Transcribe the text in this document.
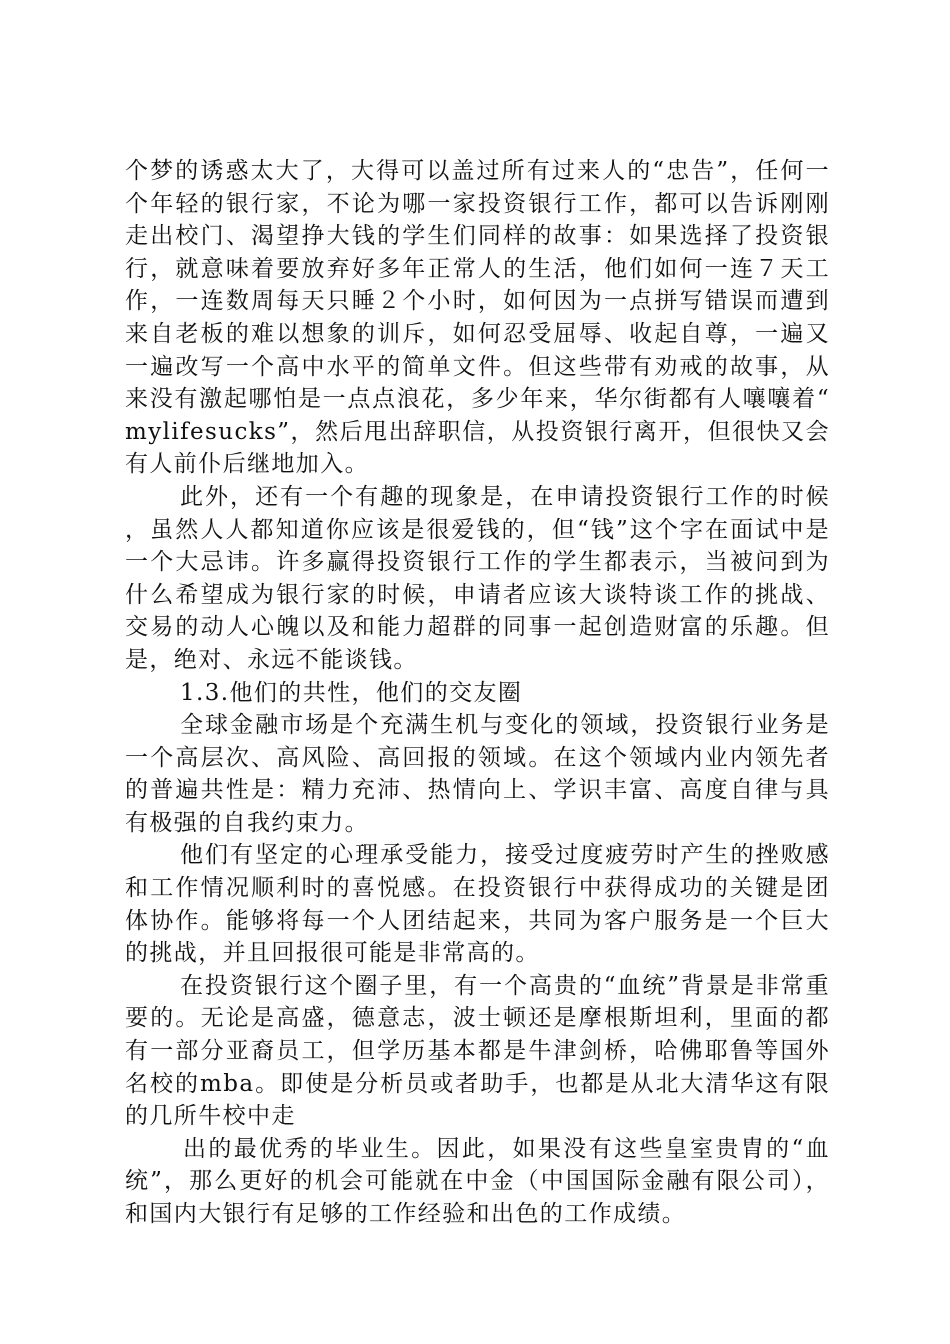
个梦的诱惑太大了，大得可以盖过所有过来人的“忠告”，任何一个年轻的银行家，不论为哪一家投资银行工作，都可以告诉刚刚走出校门、渴望挣大钱的学生们同样的故事：如果选择了投资银行，就意味着要放弃好多年正常人的生活，他们如何一连７天工作，一连数周每天只睡２个小时，如何因为一点拼写错误而遭到来自老板的难以想象的训斥，如何忍受屈辱、收起自尊，一遍又一遍改写一个高中水平的简单文件。但这些带有劝戒的故事，从来没有激起哪怕是一点点浪花，多少年来，华尔街都有人嚷嚷着“mylifesucks”，然后甩出辞职信，从投资银行离开，但很快又会有人前仆后继地加入。

此外，还有一个有趣的现象是，在申请投资银行工作的时候，虽然人人都知道你应该是很爱钱的，但“钱”这个字在面试中是一个大忌讳。许多赢得投资银行工作的学生都表示，当被问到为什么希望成为银行家的时候，申请者应该大谈特谈工作的挑战、交易的动人心魄以及和能力超群的同事一起创造财富的乐趣。但是，绝对、永远不能谈钱。

1.3.他们的共性，他们的交友圈

全球金融市场是个充满生机与变化的领域，投资银行业务是一个高层次、高风险、高回报的领域。在这个领域内业内领先者的普遍共性是：精力充沛、热情向上、学识丰富、高度自律与具有极强的自我约束力。

他们有坚定的心理承受能力，接受过度疲劳时产生的挫败感和工作情况顺利时的喜悦感。在投资银行中获得成功的关键是团体协作。能够将每一个人团结起来，共同为客户服务是一个巨大的挑战，并且回报很可能是非常高的。

在投资银行这个圈子里，有一个高贵的“血统”背景是非常重要的。无论是高盛，德意志，波士顿还是摩根斯坦利，里面的都有一部分亚裔员工，但学历基本都是牛津剑桥，哈佛耶鲁等国外名校的mba。即使是分析员或者助手，也都是从北大清华这有限的几所牛校中走

出的最优秀的毕业生。因此，如果没有这些皇室贵胄的“血统”，那么更好的机会可能就在中金（中国国际金融有限公司），和国内大银行有足够的工作经验和出色的工作成绩。
